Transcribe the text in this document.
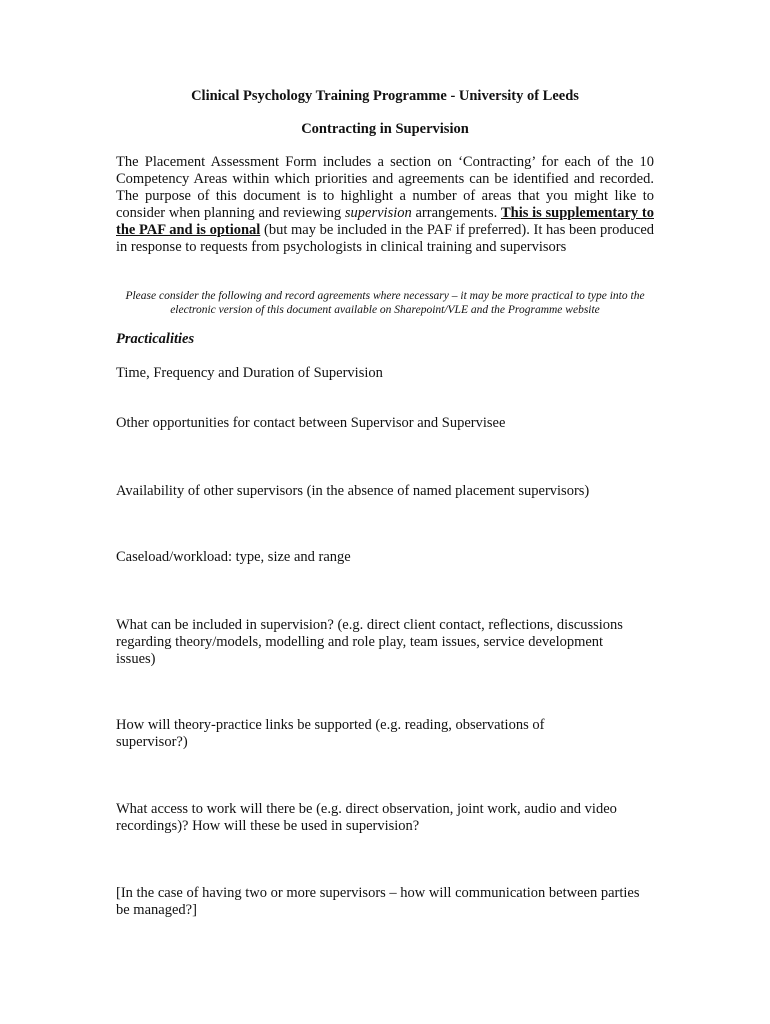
Clinical Psychology Training Programme - University of Leeds
Contracting in Supervision
The Placement Assessment Form includes a section on ‘Contracting’ for each of the 10 Competency Areas within which priorities and agreements can be identified and recorded. The purpose of this document is to highlight a number of areas that you might like to consider when planning and reviewing supervision arrangements. This is supplementary to the PAF and is optional (but may be included in the PAF if preferred). It has been produced in response to requests from psychologists in clinical training and supervisors
Please consider the following and record agreements where necessary – it may be more practical to type into the electronic version of this document available on Sharepoint/VLE and the Programme website
Practicalities
Time, Frequency and Duration of Supervision
Other opportunities for contact between Supervisor and Supervisee
Availability of other supervisors (in the absence of named placement supervisors)
Caseload/workload: type, size and range
What can be included in supervision? (e.g. direct client contact, reflections, discussions regarding theory/models, modelling and role play, team issues, service development issues)
How will theory-practice links be supported (e.g. reading, observations of supervisor?)
What access to work will there be (e.g. direct observation, joint work, audio and video recordings)? How will these be used in supervision?
[In the case of having two or more supervisors – how will communication between parties be managed?]
